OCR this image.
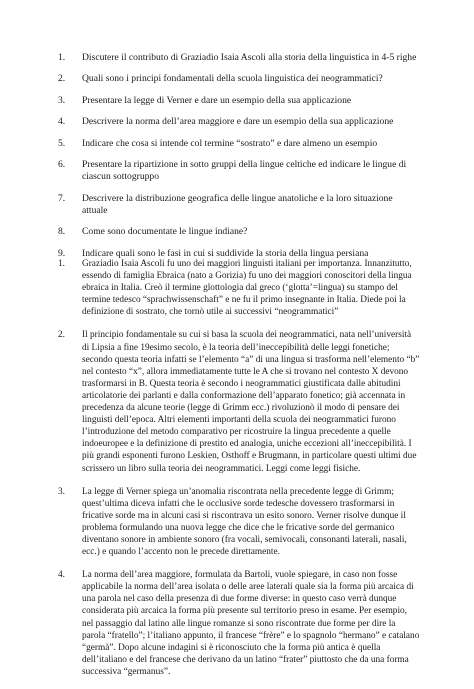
1. Discutere il contributo di Graziadio Isaia Ascoli alla storia della linguistica in 4-5 righe
2. Quali sono i principi fondamentali della scuola linguistica dei neogrammatici?
3. Presentare la legge di Verner e dare un esempio della sua applicazione
4. Descrivere la norma dell’area maggiore e dare un esempio della sua applicazione
5. Indicare che cosa si intende col termine “sostrato” e dare almeno un esempio
6. Presentare la ripartizione in sotto gruppi della lingue celtiche ed indicare le lingue di ciascun sottogruppo
7. Descrivere la distribuzione geografica delle lingue anatoliche e la loro situazione attuale
8. Come sono documentate le lingue indiane?
9. Indicare quali sono le fasi in cui si suddivide la storia della lingua persiana
1. Graziadio Isaia Ascoli fu uno dei maggiori linguisti italiani per importanza. Innanzitutto, essendo di famiglia Ebraica (nato a Gorizia) fu uno dei maggiori conoscitori della lingua ebraica in Italia. Creò il termine glottologia dal greco (‘glotta’=lingua) su stampo del termine tedesco “sprachwissenschaft” e ne fu il primo insegnante in Italia. Diede poi la definizione di sostrato, che tornò utile ai successivi “neogrammatici”
2. Il principio fondamentale su cui si basa la scuola dei neogrammatici, nata nell’università di Lipsia a fine 19esimo secolo, è la teoria dell’ineccepibilità delle leggi fonetiche; secondo questa teoria infatti se l’elemento “a” di una lingua si trasforma nell’elemento “b” nel contesto “x”, allora immediatamente tutte le A che si trovano nel contesto X devono trasformarsi in B. Questa teoria è secondo i neogrammatici giustificata dalle abitudini articolatorie dei parlanti e dalla conformazione dell’apparato fonetico; già accennata in precedenza da alcune teorie (legge di Grimm ecc.) rivoluzionò il modo di pensare dei linguisti dell’epoca. Altri elementi importanti della scuola dei neogrammatici furono l’introduzione del metodo comparativo per ricostruire la lingua precedente a quelle indoeuropee e la definizione di prestito ed analogia, uniche eccezioni all’ineccepibilità. I più grandi esponenti furono Leskien, Osthoff e Brugmann, in particolare questi ultimi due scrissero un libro sulla teoria dei neogrammatici. Leggi come leggi fisiche.
3. La legge di Verner spiega un’anomalia riscontrata nella precedente legge di Grimm; quest’ultima diceva infatti che le occlusive sorde tedesche dovessero trasformarsi in fricative sorde ma in alcuni casi si riscontrava un esito sonoro. Verner risolve dunque il problema formulando una nuova legge che dice che le fricative sorde del germanico diventano sonore in ambiente sonoro (fra vocali, semivocali, consonanti laterali, nasali, ecc.) e quando l’accento non le precede direttamente.
4. La norma dell’area maggiore, formulata da Bartoli, vuole spiegare, in caso non fosse applicabile la norma dell’area isolata o delle aree laterali quale sia la forma più arcaica di una parola nel caso della presenza di due forme diverse: in questo caso verrà dunque considerata più arcaica la forma più presente sul territorio preso in esame. Per esempio, nel passaggio dal latino alle lingue romanze si sono riscontrate due forme per dire la parola “fratello”; l’italiano appunto, il francese “frère” e lo spagnolo “hermano” e catalano “germà”. Dopo alcune indagini si è riconosciuto che la forma più antica è quella dell’italiano e del francese che derivano da un latino “frater” piuttosto che da una forma successiva “germanus”.
